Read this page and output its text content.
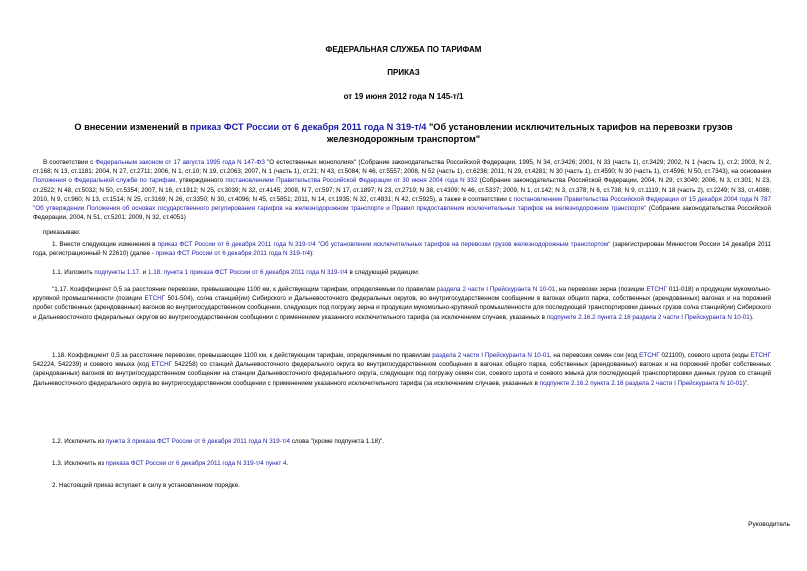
ФЕДЕРАЛЬНАЯ СЛУЖБА ПО ТАРИФАМ
ПРИКАЗ
от 19 июня 2012 года N 145-т/1
О внесении изменений в приказ ФСТ России от 6 декабря 2011 года N 319-т/4 "Об установлении исключительных тарифов на перевозки грузов железнодорожным транспортом"
В соответствии с Федеральным законом от 17 августа 1995 года N 147-ФЗ "О естественных монополиях" (Собрание законодательства Российской Федерации, 1995, N 34, ст.3426; 2001, N 33 (часть 1), ст.3429; 2002, N 1 (часть 1), ст.2; 2003, N 2, ст.168; N 13, ст.1181; 2004, N 27, ст.2711; 2006, N 1, ст.10; N 19, ст.2063; 2007, N 1 (часть 1), ст.21; N 43, ст.5084; N 46, ст.5557; 2008, N 52 (часть 1), ст.6236; 2011, N 29, ст.4281; N 30 (часть 1), ст.4590; N 30 (часть 1), ст.4596; N 50, ст.7343), на основании Положения о Федеральной службе по тарифам, утвержденного постановлением Правительства Российской Федерации от 30 июня 2004 года N 332 (Собрание законодательства Российской Федерации, 2004, N 29, ст.3049; 2006, N 3, ст.301; N 23, ст.2522; N 48, ст.5032; N 50, ст.5354; 2007, N 16, ст.1912; N 25, ст.3039; N 32, ст.4145; 2008, N 7, ст.597; N 17, ст.1897; N 23, ст.2719; N 38, ст.4309; N 46, ст.5337; 2009, N 1, ст.142; N 3, ст.378; N 6, ст.738; N 9, ст.1119; N 18 (часть 2), ст.2249; N 33, ст.4086; 2010, N 9, ст.960; N 13, ст.1514; N 25, ст.3169; N 26, ст.3350; N 30, ст.4096; N 45, ст.5851; 2011, N 14, ст.1935; N 32, ст.4831; N 42, ст.5925), а также в соответствии с постановлением Правительства Российской Федерации от 15 декабря 2004 года N 787 "Об утверждении Положения об основах государственного регулирования тарифов на железнодорожном транспорте и Правил предоставления исключительных тарифов на железнодорожном транспорте" (Собрание законодательства Российской Федерации, 2004, N 51, ст.5201; 2009, N 32, ст.4051)
приказываю:
1. Внести следующие изменения в приказ ФСТ России от 6 декабря 2011 года N 319-т/4 "Об установлении исключительных тарифов на перевозки грузов железнодорожным транспортом" (зарегистрирован Минюстом России 14 декабря 2011 года, регистрационный N 22610) (далее - приказ ФСТ России от 6 декабря 2011 года N 319-т/4):
1.1. Изложить подпункты 1.17. и 1.18. пункта 1 приказа ФСТ России от 6 декабря 2011 года N 319-т/4 в следующей редакции:
"1.17. Коэффициент 0,5 за расстояние перевозки, превышающее 1100 км, к действующим тарифам, определяемым по правилам раздела 2 части I Прейскуранта N 10-01, на перевозки зерна (позиции ЕТСНГ 011-018) и продукции мукомольно-крупяной промышленности (позиции ЕТСНГ 501-504), со/на станций(ии) Сибирского и Дальневосточного федеральных округов, во внутригосударственном сообщении в вагонах общего парка, собственных (арендованных) вагонах и на порожний пробег собственных (арендованных) вагонов во внутригосударственном сообщении, следующих под погрузку зерна и продукции мукомольно-крупяной промышленности для последующей транспортировки данных грузов со/на станций(ии) Сибирского и Дальневосточного федеральных округов во внутригосударственном сообщении с применением указанного исключительного тарифа (за исключением случаев, указанных в подпункте 2.16.2 пункта 2.16 раздела 2 части I Прейскуранта N 10-01).
1.18. Коэффициент 0,5 за расстояние перевозки, превышающее 1100 км, к действующим тарифам, определяемым по правилам раздела 2 части I Прейскуранта N 10-01, на перевозки семян сои (код ЕТСНГ 021100), соевого шрота (коды ЕТСНГ 542224, 542239) и соевого жмыха (код ЕТСНГ 542258) со станций Дальневосточного федерального округа во внутригосударственном сообщении в вагонах общего парка, собственных (арендованных) вагонах и на порожний пробег собственных (арендованных) вагонов во внутригосударственном сообщении на станции Дальневосточного федерального округа, следующих под погрузку семян сои, соевого шрота и соевого жмыха для последующей транспортировки данных грузов со станций Дальневосточного федерального округа во внутригосударственном сообщении с применением указанного исключительного тарифа (за исключением случаев, указанных в подпункте 2.16.2 пункта 2.16 раздела 2 части I Прейскуранта N 10-01)".
1.2. Исключить из пункта 3 приказа ФСТ России от 6 декабря 2011 года N 319-т/4 слова "(кроме подпункта 1.18)".
1.3. Исключить из приказа ФСТ России от 6 декабря 2011 года N 319-т/4 пункт 4.
2. Настоящий приказ вступает в силу в установленном порядке.
Руководитель
